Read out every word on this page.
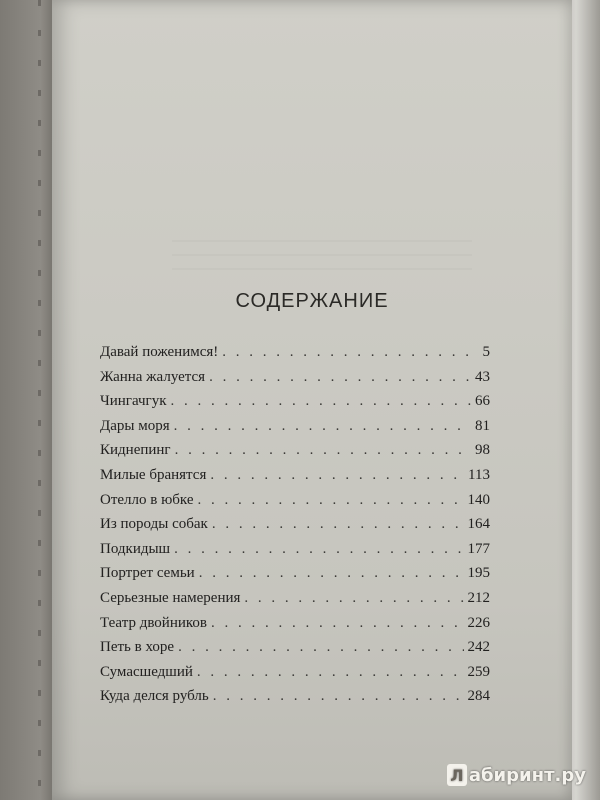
СОДЕРЖАНИЕ
Давай поженимся! . . .	5
Жанна жалуется . . .	43
Чингачгук . . .	66
Дары моря . . .	81
Киднепинг . . .	98
Милые бранятся . . .	113
Отелло в юбке . . .	140
Из породы собак . . .	164
Подкидыш . . .	177
Портрет семьи . . .	195
Серьезные намерения . . .	212
Театр двойников . . .	226
Петь в хоре . . .	242
Сумасшедший . . .	259
Куда делся рубль . . .	284
Л абиринт.ру
